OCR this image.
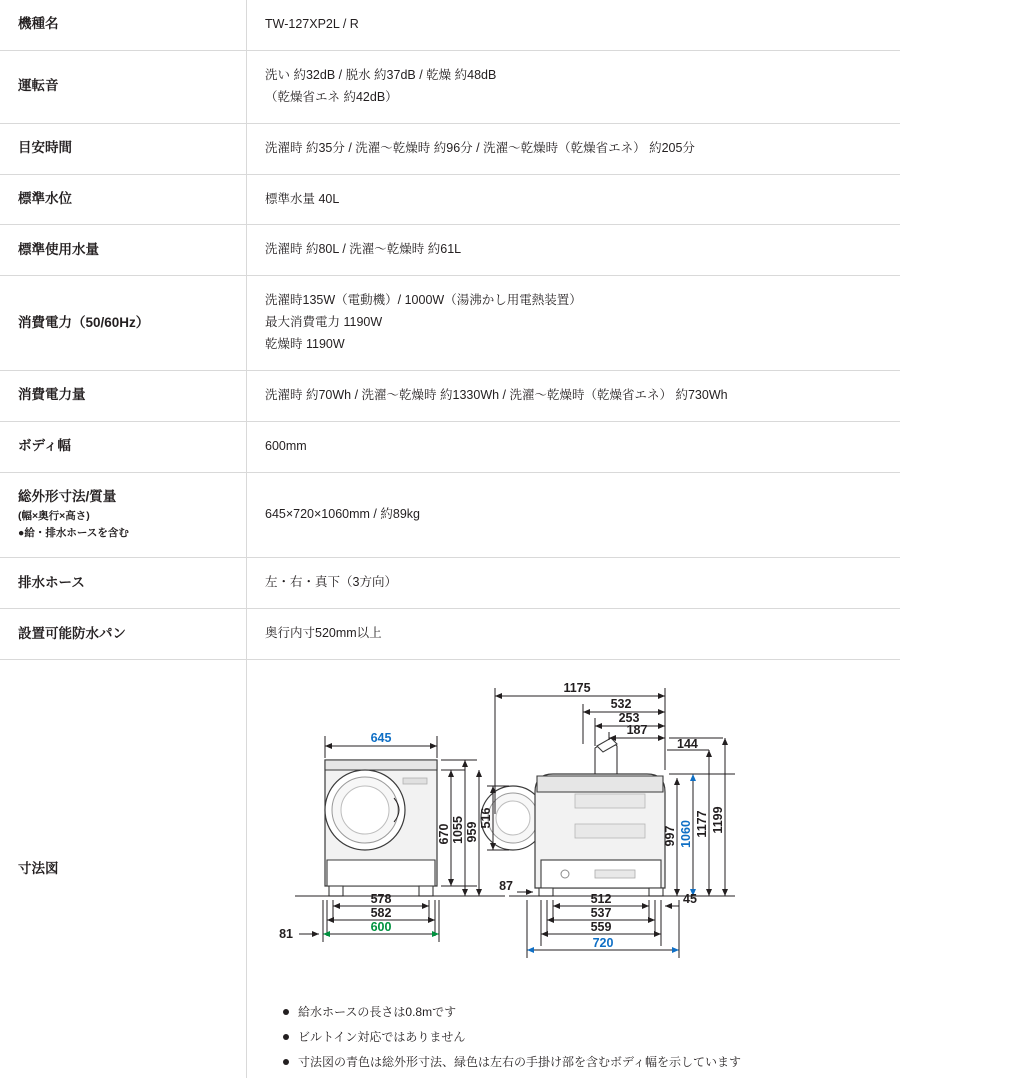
機種名	TW-127XP2L / R

運転音	洗い 約32dB / 脱水 約37dB / 乾燥 約48dB
（乾燥省エネ 約42dB）

目安時間	洗濯時 約35分 / 洗濯〜乾燥時 約96分 / 洗濯〜乾燥時（乾燥省エネ） 約205分

標準水位	標準水量 40L

標準使用水量	洗濯時 約80L / 洗濯〜乾燥時 約61L

消費電力（50/60Hz）	洗濯時135W（電動機）/ 1000W（湯沸かし用電熱装置）
最大消費電力 1190W
乾燥時 1190W

消費電力量	洗濯時 約70Wh / 洗濯〜乾燥時 約1330Wh / 洗濯〜乾燥時（乾燥省エネ） 約730Wh

ボディ幅	600mm

総外形寸法/質量
(幅×奥行×高さ)
●給・排水ホースを含む	645×720×1060mm / 約89kg

排水ホース	左・右・真下（3方向）

設置可能防水パン	奥行内寸520mm以上

寸法図	
645
670 1055 959
578
582
600
81
1175
532
253
187
144
516
997 1060 1177 1199
87
512
537
559
720
45
給水ホースの長さは0.8mです
ビルトイン対応ではありません
寸法図の青色は総外形寸法、緑色は左右の手掛け部を含むボディ幅を示しています
